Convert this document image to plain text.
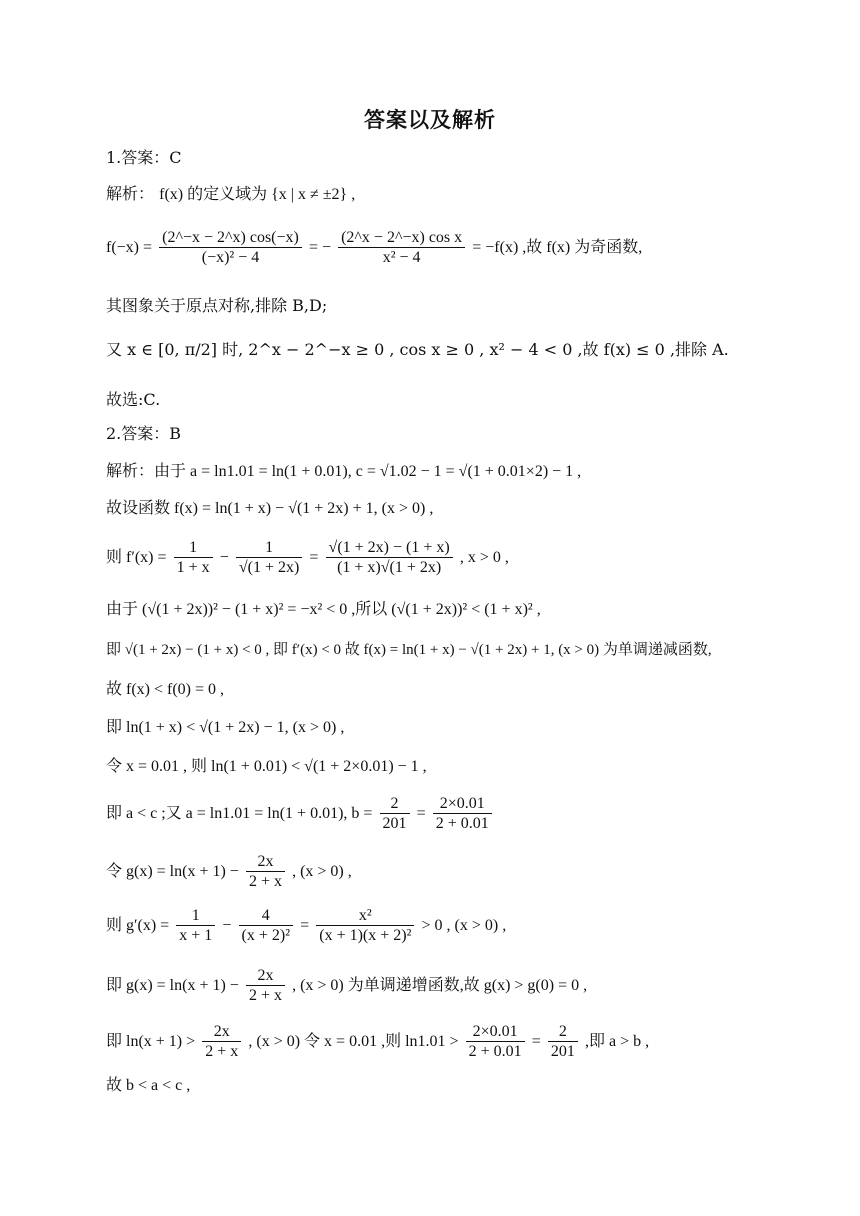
答案以及解析
1.答案：C
解析： f(x) 的定义域为 {x | x ≠ ±2} ,
$f(-x) = \frac{(2\^{}-x - 2\^{}x) \cos(-x)}{\text{(−x)² − 4}}$ = − $\frac{\text{(2\textasciicircum{}x − 2\textasciicircum{}−x) cos x}}{\text{x² − 4}} = -f(x)$ ,故 f(x) 为奇函数,
其图象关于原点对称,排除 B,D;
又 x ∈ [0, π/2] 时, 2^x − 2^−x ≥ 0 , cos x ≥ 0 , x² − 4 < 0 ,故 f(x) ≤ 0 ,排除 A.
故选:C.
2.答案：B
解析：由于 a = ln1.01 = ln(1 + 0.01), c = √1.02 − 1 = √(1 + 0.01×2) − 1 ,
故设函数 f(x) = ln(1 + x) − √(1 + 2x) + 1, (x > 0) ,
则 $f'(x) = \frac{1}{1 + x} - \frac{1}{√(1 + 2x)} = \frac{√(1 + 2x) - (1 + x)}{(1 + x)√(1 + 2x)}$ , x > 0 ,
由于 (√(1 + 2x))² − (1 + x)² = −x² < 0 ,所以 (√(1 + 2x))² < (1 + x)² ,
即 √(1 + 2x) − (1 + x) < 0 , 即 f′(x) < 0 故 f(x) = ln(1 + x) − √(1 + 2x) + 1, (x > 0) 为单调递减函数,
故 f(x) < f(0) = 0 ,
即 ln(1 + x) < √(1 + 2x) − 1, (x > 0) ,
令 x = 0.01 , 则 ln(1 + 0.01) < √(1 + 2×0.01) − 1 ,
即 a < c ;又 a = ln1.01 = ln(1 + 0.01), $b = \frac{2}{201} = \frac{2\times 0.01}{2 + 0.01}$
令 $g(x) = \ln(x + 1) - \frac{2x}{2 + x}$ , (x > 0) ,
则 $g'(x) = \frac{1}{x + 1} - \frac{4}{\text{(x + 2)²}} = \frac{\text{x²}}{\text{(x + 1)(x + 2)²}} > 0$ , (x > 0) ,
即 $g(x) = \ln(x + 1) - \frac{2x}{2 + x}$ , (x > 0) 为单调递增函数,故 g(x) > g(0) = 0 ,
即 $\ln(x + 1) > \frac{2x}{2 + x}$ , (x > 0) 令 x = 0.01 ,则 $\ln 1.01 > \frac{2\times 0.01}{2 + 0.01} = \frac{2}{201}$ ,即 a > b ,
故 b < a < c ,
